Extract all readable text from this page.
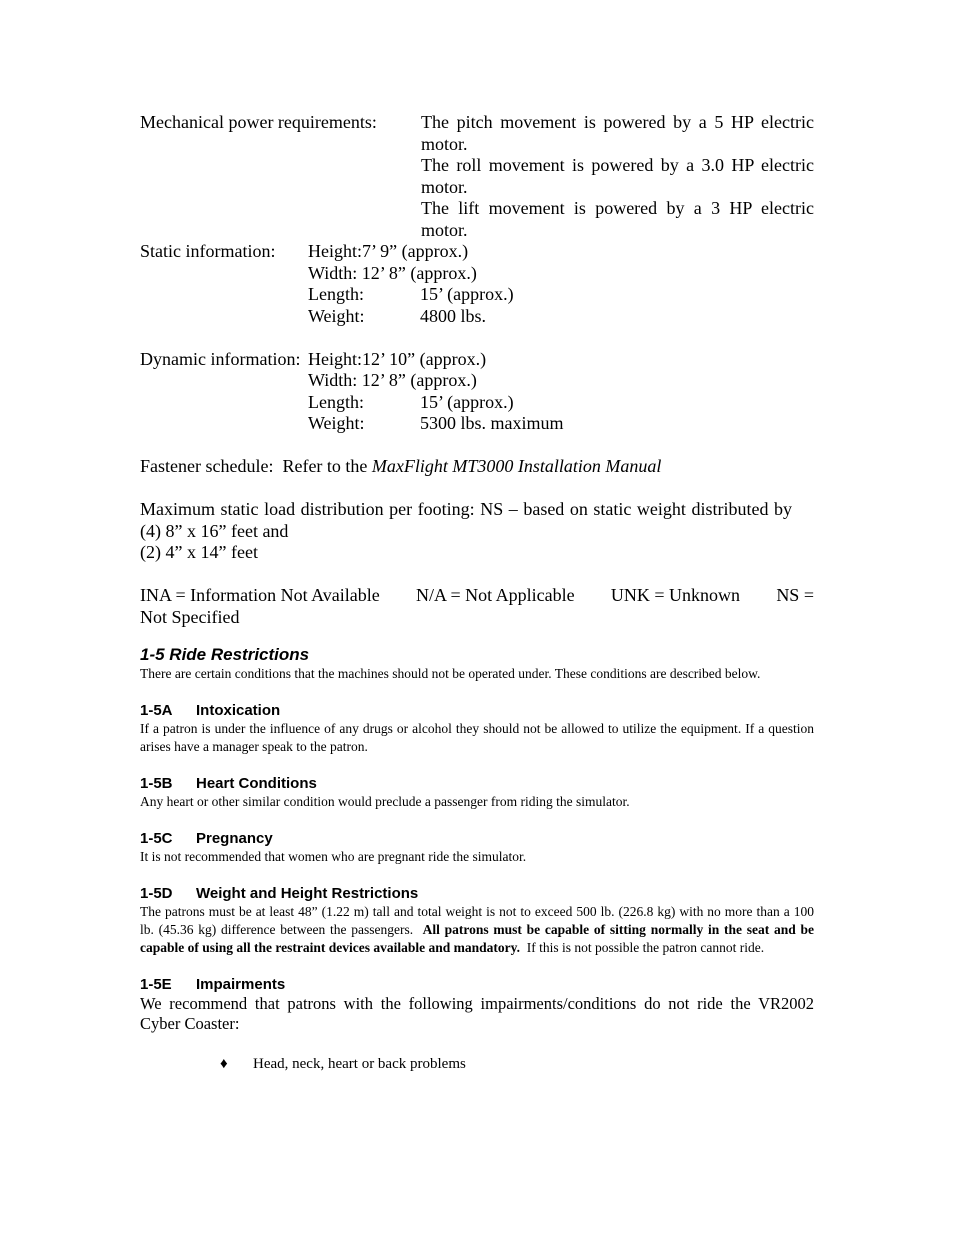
Mechanical power requirements:	The pitch movement is powered by a 5 HP electric motor.
The roll movement is powered by a 3.0 HP electric motor.
The lift movement is powered by a 3 HP electric motor.
Static information:	Height:7’ 9” (approx.)
Width: 12’ 8” (approx.)
Length:	15’ (approx.)
Weight:	4800 lbs.
Dynamic information: Height:12’ 10” (approx.)
Width: 12’ 8” (approx.)
Length:	15’ (approx.)
Weight:	5300 lbs. maximum
Fastener schedule:  Refer to the MaxFlight MT3000 Installation Manual
Maximum static load distribution per footing: NS – based on static weight distributed by (4) 8” x 16” feet and
(2) 4” x 14” feet
INA = Information Not Available N/A = Not Applicable UNK = Unknown NS =
Not Specified
1-5 Ride Restrictions
There are certain conditions that the machines should not be operated under. These conditions are described below.
1-5A	Intoxication
If a patron is under the influence of any drugs or alcohol they should not be allowed to utilize the equipment. If a question arises have a manager speak to the patron.
1-5B	Heart Conditions
Any heart or other similar condition would preclude a passenger from riding the simulator.
1-5C	Pregnancy
It is not recommended that women who are pregnant ride the simulator.
1-5D	Weight and Height Restrictions
The patrons must be at least 48” (1.22 m) tall and total weight is not to exceed 500 lb. (226.8 kg) with no more than a 100 lb. (45.36 kg) difference between the passengers.  All patrons must be capable of sitting normally in the seat and be capable of using all the restraint devices available and mandatory.  If this is not possible the patron cannot ride.
1-5E	Impairments
We recommend that patrons with the following impairments/conditions do not ride the VR2002 Cyber Coaster:
♦	Head, neck, heart or back problems
